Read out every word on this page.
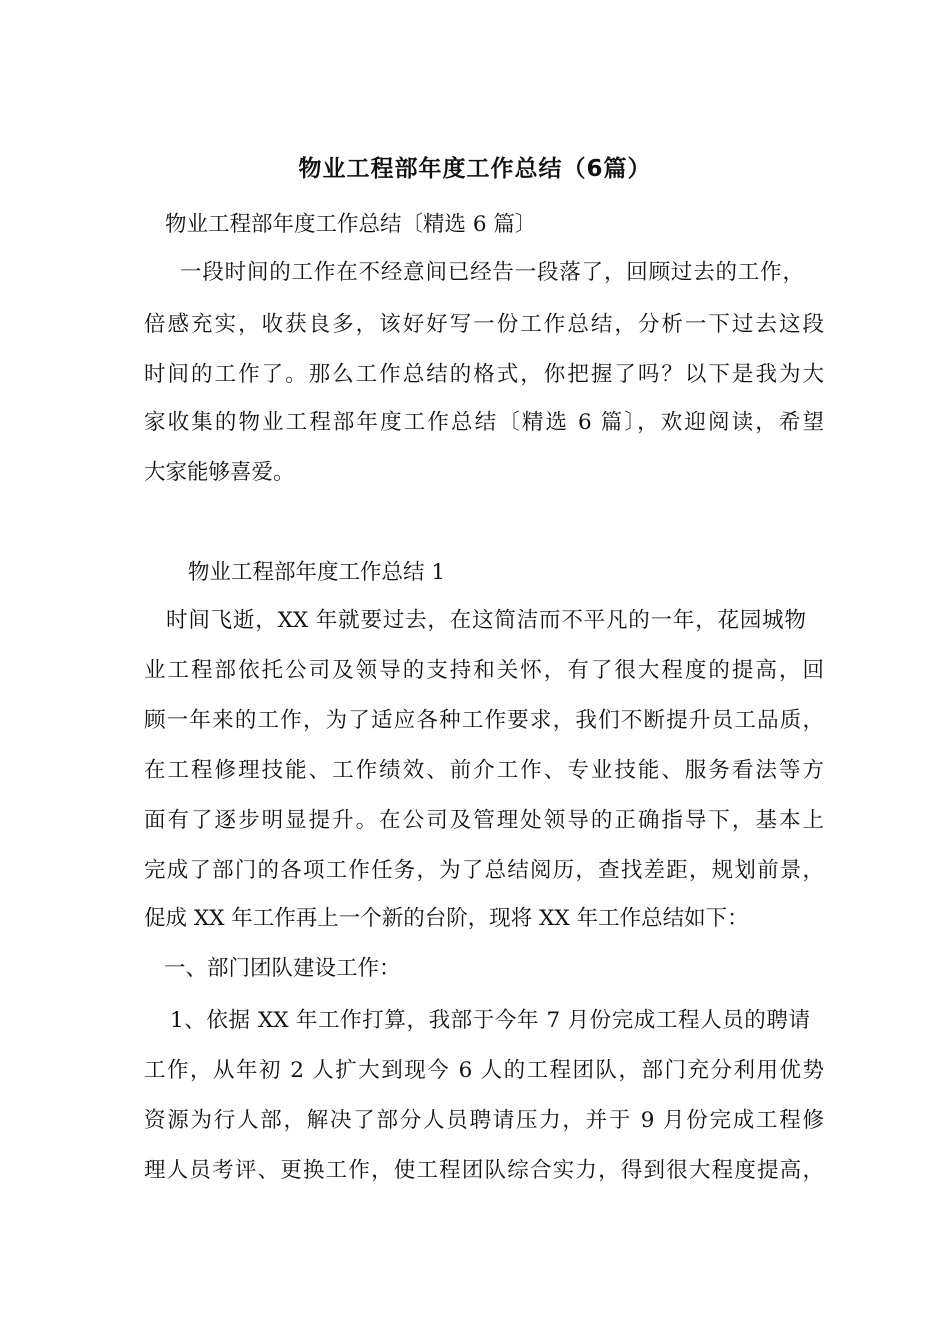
物业工程部年度工作总结（6篇）
物业工程部年度工作总结〔精选 6 篇〕
一段时间的工作在不经意间已经告一段落了，回顾过去的工作，
倍感充实，收获良多，该好好写一份工作总结，分析一下过去这段
时间的工作了。那么工作总结的格式，你把握了吗？以下是我为大
家收集的物业工程部年度工作总结〔精选 6 篇〕，欢迎阅读，希望
大家能够喜爱。
物业工程部年度工作总结 1
时间飞逝，XX 年就要过去，在这简洁而不平凡的一年，花园城物
业工程部依托公司及领导的支持和关怀，有了很大程度的提高，回
顾一年来的工作，为了适应各种工作要求，我们不断提升员工品质，
在工程修理技能、工作绩效、前介工作、专业技能、服务看法等方
面有了逐步明显提升。在公司及管理处领导的正确指导下，基本上
完成了部门的各项工作任务，为了总结阅历，查找差距，规划前景，
促成 XX 年工作再上一个新的台阶，现将 XX 年工作总结如下：
一、部门团队建设工作：
1、依据 XX 年工作打算，我部于今年 7 月份完成工程人员的聘请
工作，从年初 2 人扩大到现今 6 人的工程团队，部门充分利用优势
资源为行人部，解决了部分人员聘请压力，并于 9 月份完成工程修
理人员考评、更换工作，使工程团队综合实力，得到很大程度提高，
